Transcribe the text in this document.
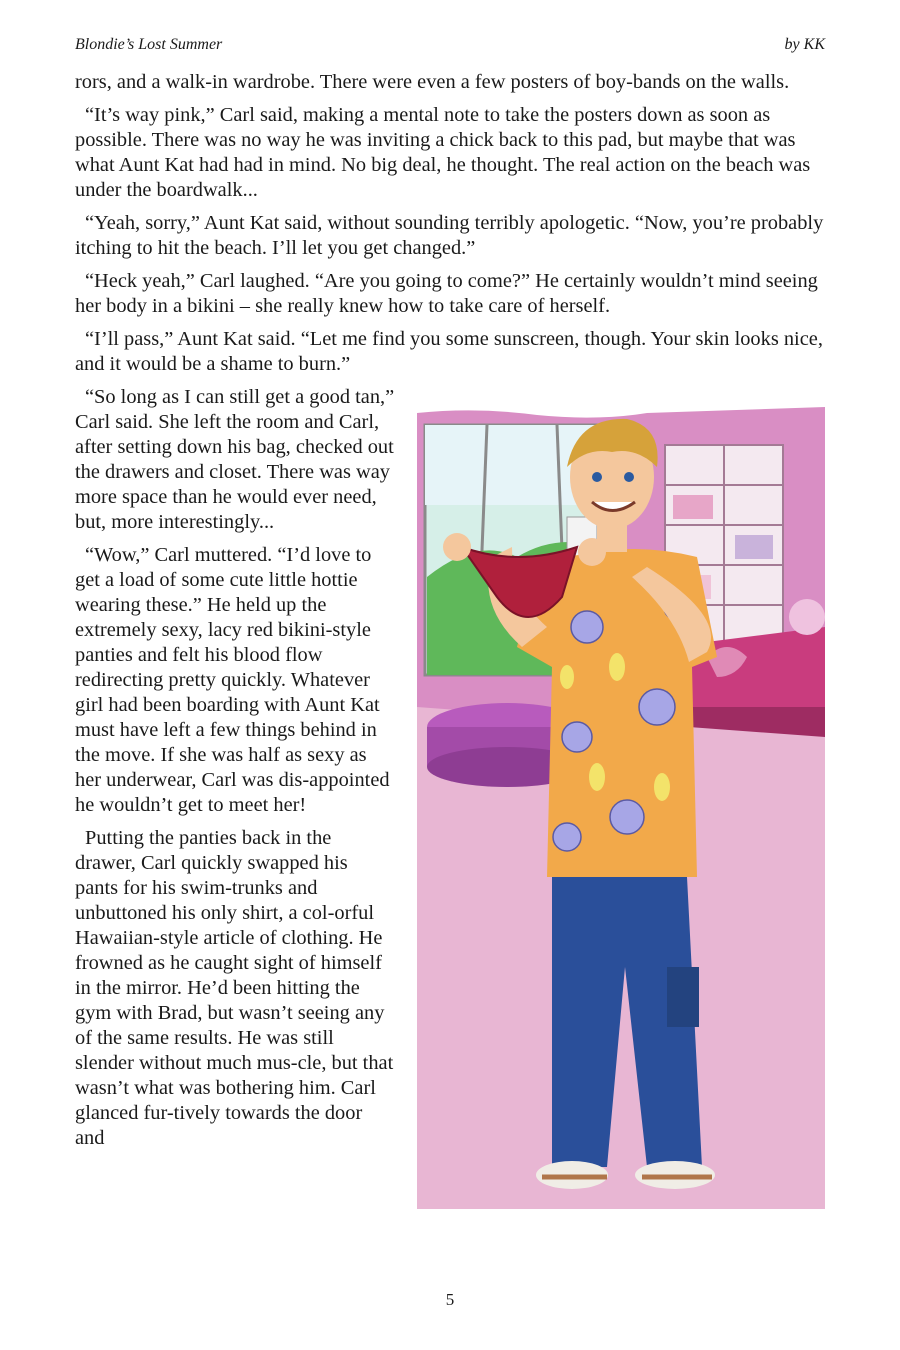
Blondie’s Lost Summer	by KK

rors, and a walk-in wardrobe. There were even a few posters of boy-bands on the walls.

“It’s way pink,” Carl said, making a mental note to take the posters down as soon as possible. There was no way he was inviting a chick back to this pad, but maybe that was what Aunt Kat had had in mind. No big deal, he thought. The real action on the beach was under the boardwalk...

“Yeah, sorry,” Aunt Kat said, without sounding terribly apologetic. “Now, you’re probably itching to hit the beach. I’ll let you get changed.”

“Heck yeah,” Carl laughed. “Are you going to come?” He certainly wouldn’t mind seeing her body in a bikini – she really knew how to take care of herself.

“I’ll pass,” Aunt Kat said. “Let me find you some sunscreen, though. Your skin looks nice, and it would be a shame to burn.”

“So long as I can still get a good tan,” Carl said. She left the room and Carl, after setting down his bag, checked out the drawers and closet. There was way more space than he would ever need, but, more interestingly...

“Wow,” Carl muttered. “I’d love to get a load of some cute little hottie wearing these.” He held up the extremely sexy, lacy red bikini-style panties and felt his blood flow redirecting pretty quickly. Whatever girl had been boarding with Aunt Kat must have left a few things behind in the move. If she was half as sexy as her underwear, Carl was dis-appointed he wouldn’t get to meet her!

Putting the panties back in the drawer, Carl quickly swapped his pants for his swim-trunks and unbuttoned his only shirt, a col-orful Hawaiian-style article of clothing. He frowned as he caught sight of himself in the mirror. He’d been hitting the gym with Brad, but wasn’t seeing any of the same results. He was still slender without much mus-cle, but that wasn’t what was bothering him. Carl glanced fur-tively towards the door and

5
